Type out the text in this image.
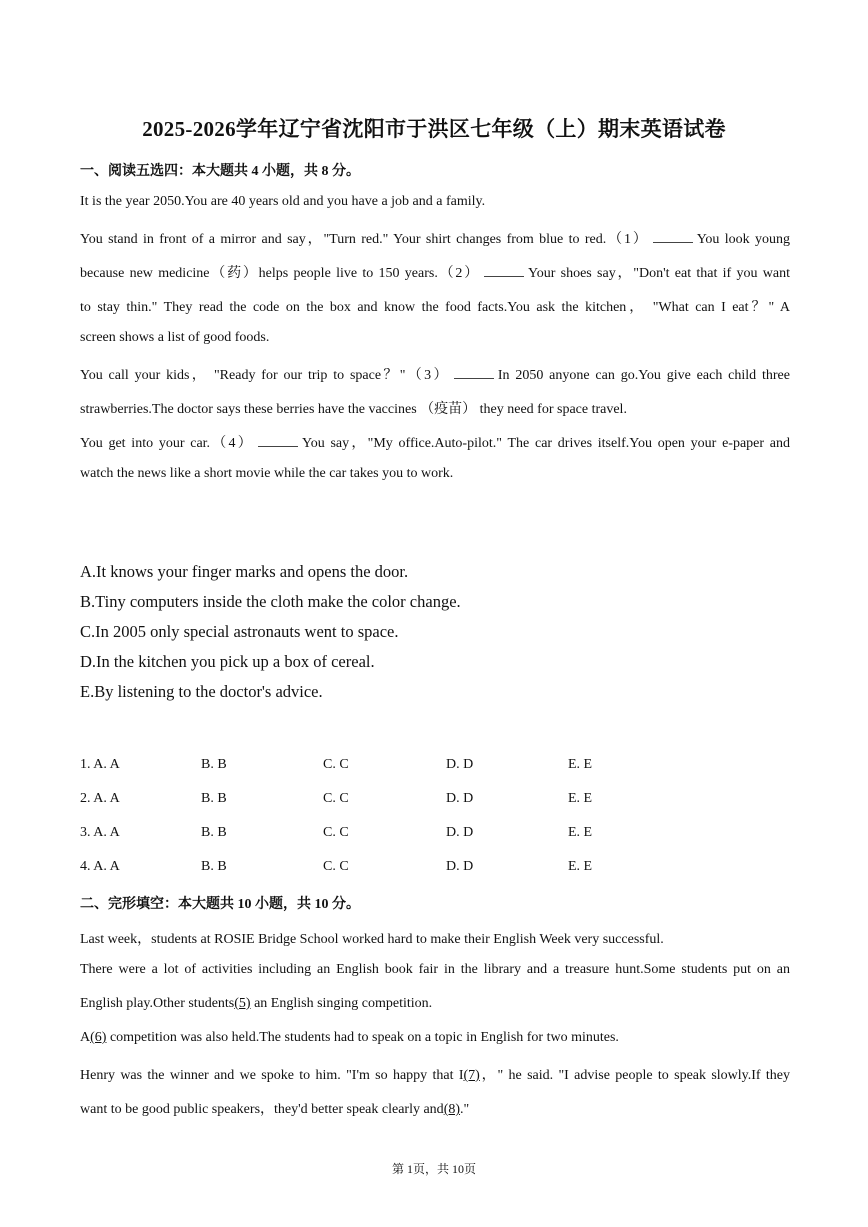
2025-2026学年辽宁省沈阳市于洪区七年级（上）期末英语试卷
一、阅读五选四：本大题共 4 小题，共 8 分。
It is the year 2050.You are 40 years old and you have a job and a family.
You stand in front of a mirror and say，"Turn red." Your shirt changes from blue to red.（1）	You look young
because new medicine（药）helps people live to 150 years.（2）	Your shoes say，"Don't eat that if you want
to stay thin." They read the code on the box and know the food facts.You ask the kitchen， "What can I eat？" A
screen shows a list of good foods.
You call your kids， "Ready for our trip to space？"（3）	In 2050 anyone can go.You give each child three
strawberries.The doctor says these berries have the vaccines （疫苗） they need for space travel.
You get into your car.（4）	You say，"My office.Auto-pilot." The car drives itself.You open your e-paper and
watch the news like a short movie while the car takes you to work.
A.It knows your finger marks and opens the door.
B.Tiny computers inside the cloth make the color change.
C.In 2005 only special astronauts went to space.
D.In the kitchen you pick up a box of cereal.
E.By listening to the doctor's advice.
1. A. A	B. B	C. C	D. D	E. E
2. A. A	B. B	C. C	D. D	E. E
3. A. A	B. B	C. C	D. D	E. E
4. A. A	B. B	C. C	D. D	E. E
二、完形填空：本大题共 10 小题，共 10 分。
Last week，students at ROSIE Bridge School worked hard to make their English Week very successful.
There were a lot of activities including an English book fair in the library and a treasure hunt.Some students put on an
English play.Other students(5) an English singing competition.
A(6) competition was also held.The students had to speak on a topic in English for two minutes.
Henry was the winner and we spoke to him. "I'm so happy that I(7)，" he said. "I advise people to speak slowly.If they
want to be good public speakers，they'd better speak clearly and(8)."
第 1页，共 10页
